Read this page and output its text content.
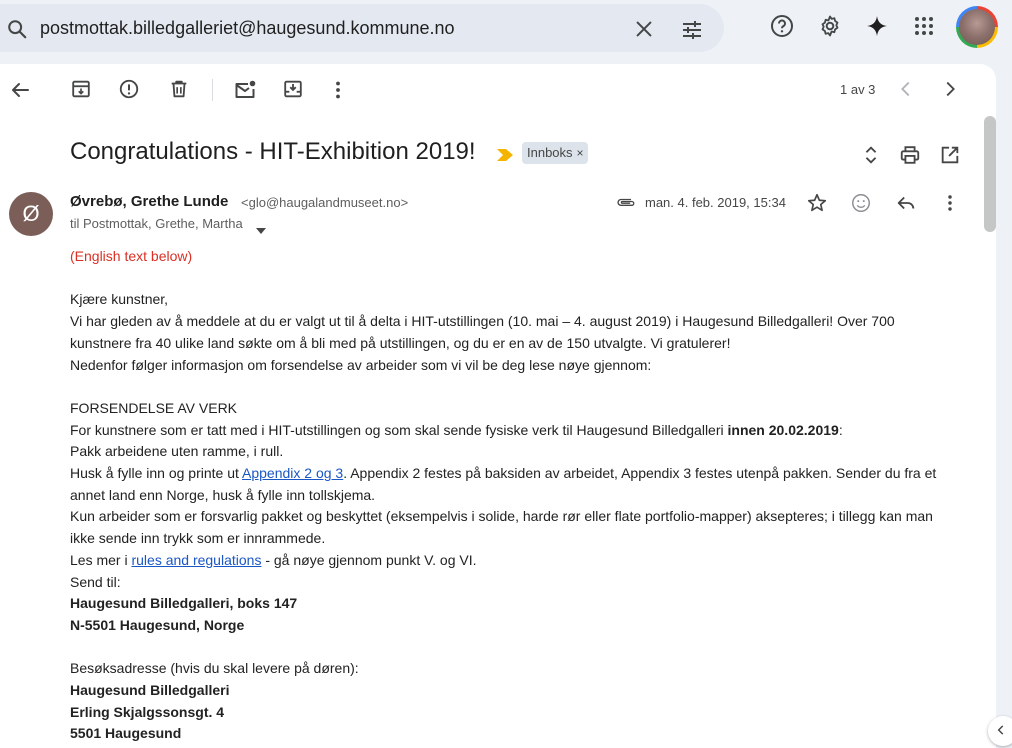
postmottak.billedgalleriet@haugesund.kommune.no
1 av 3
Congratulations - HIT-Exhibition 2019!	Innboks ×
Ø	Øvrebø, Grethe Lunde <glo@haugalandmuseet.no>
til Postmottak, Grethe, Martha
man. 4. feb. 2019, 15:34

(English text below)

Kjære kunstner,

Vi har gleden av å meddele at du er valgt ut til å delta i HIT-utstillingen (10. mai – 4. august 2019) i Haugesund Billedgalleri! Over 700

kunstnere fra 40 ulike land søkte om å bli med på utstillingen, og du er en av de 150 utvalgte. Vi gratulerer!

Nedenfor følger informasjon om forsendelse av arbeider som vi vil be deg lese nøye gjennom:

FORSENDELSE AV VERK

For kunstnere som er tatt med i HIT-utstillingen og som skal sende fysiske verk til Haugesund Billedgalleri innen 20.02.2019:

Pakk arbeidene uten ramme, i rull.

Husk å fylle inn og printe ut Appendix 2 og 3. Appendix 2 festes på baksiden av arbeidet, Appendix 3 festes utenpå pakken. Sender du fra et

annet land enn Norge, husk å fylle inn tollskjema.

Kun arbeider som er forsvarlig pakket og beskyttet (eksempelvis i solide, harde rør eller flate portfolio-mapper) aksepteres; i tillegg kan man

ikke sende inn trykk som er innrammede.

Les mer i rules and regulations - gå nøye gjennom punkt V. og VI.

Send til:

Haugesund Billedgalleri, boks 147

N-5501 Haugesund, Norge

Besøksadresse (hvis du skal levere på døren):

Haugesund Billedgalleri

Erling Skjalgssonsgt. 4

5501 Haugesund
